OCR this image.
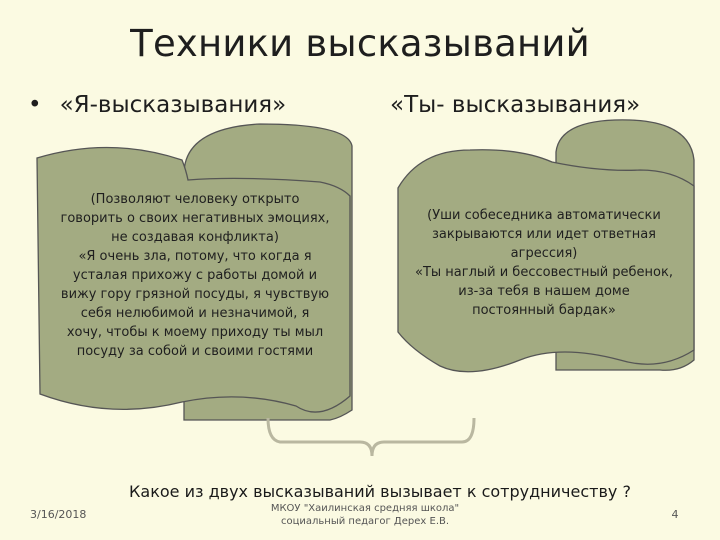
Техники высказываний
• «Я-высказывания»	«Ты- высказывания»
(Позволяют человеку открыто
говорить о своих негативных эмоциях,
не создавая конфликта)
«Я очень зла, потому, что когда я
усталая прихожу с работы домой и
вижу гору грязной посуды, я чувствую
себя нелюбимой и незначимой, я
хочу, чтобы к моему приходу ты мыл
посуду за собой и своими гостями
(Уши собеседника автоматически
закрываются или идет ответная
агрессия)
«Ты наглый и бессовестный ребенок,
из-за тебя в нашем доме
постоянный бардак»
Какое из двух высказываний вызывает к сотрудничеству ?
3/16/2018	МКОУ "Хаилинская средняя школа"
социальный педагог Дерех Е.В.
4
